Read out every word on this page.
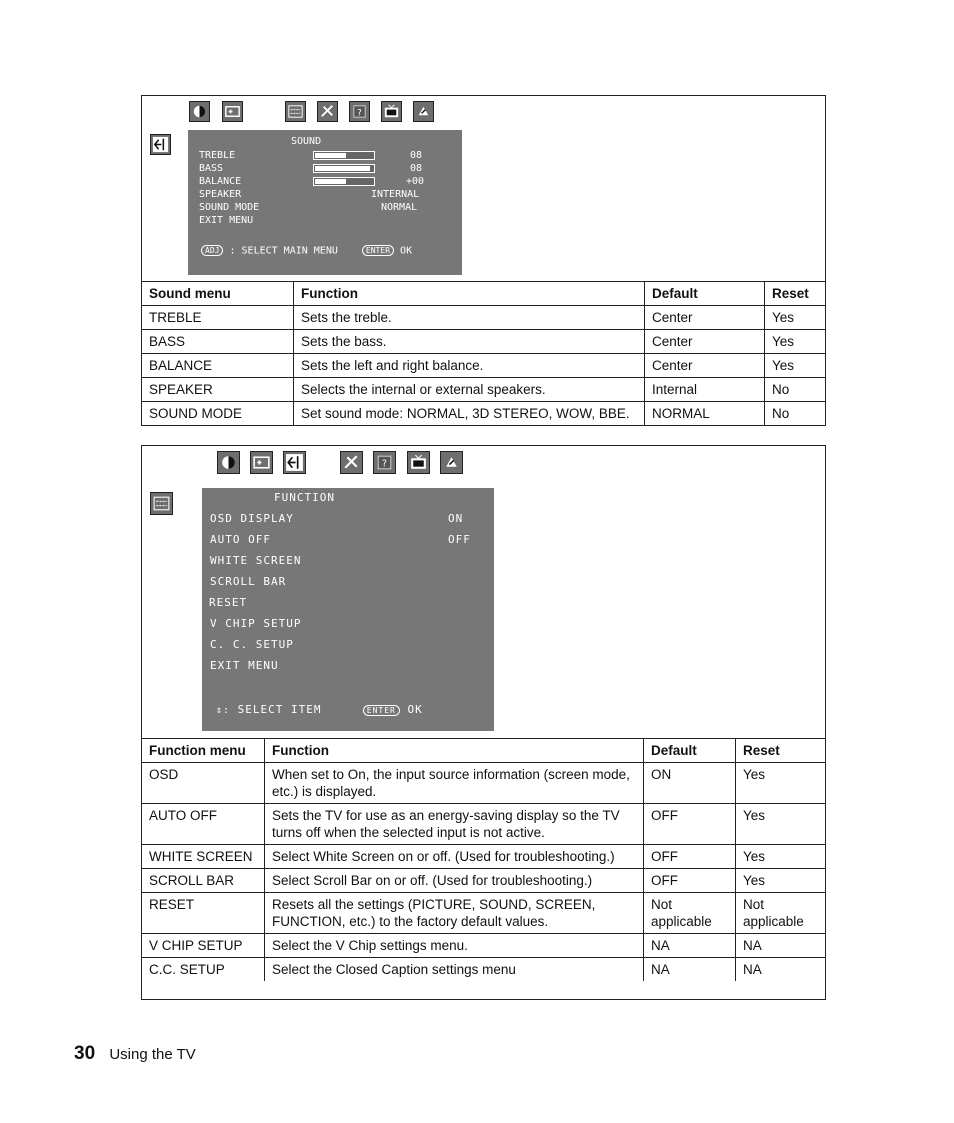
?
SOUND
TREBLE	08
BASS	08
BALANCE	+00
SPEAKER	INTERNAL
SOUND MODE	NORMAL
EXIT MENU
ADJ : SELECT MAIN MENU	ENTER OK
Sound menu	Function	Default	Reset
TREBLE	Sets the treble.	Center	Yes
BASS	Sets the bass.	Center	Yes
BALANCE	Sets the left and right balance.	Center	Yes
SPEAKER	Selects the internal or external speakers.	Internal	No
SOUND MODE	Set sound mode: NORMAL, 3D STEREO, WOW, BBE.	NORMAL	No
?
FUNCTION
OSD DISPLAY	ON
AUTO OFF	OFF
WHITE SCREEN
SCROLL BAR
RESET
V CHIP SETUP
C. C. SETUP
EXIT MENU
⇕: SELECT ITEM	ENTER OK
Function menu	Function	Default	Reset
OSD	When set to On, the input source information (screen mode, etc.) is displayed.	ON	Yes
AUTO OFF	Sets the TV for use as an energy-saving display so the TV turns off when the selected input is not active.	OFF	Yes
WHITE SCREEN	Select White Screen on or off. (Used for troubleshooting.)	OFF	Yes
SCROLL BAR	Select Scroll Bar on or off. (Used for troubleshooting.)	OFF	Yes
RESET	Resets all the settings (PICTURE, SOUND, SCREEN, FUNCTION, etc.) to the factory default values.	Not applicable	Not applicable
V CHIP SETUP	Select the V Chip settings menu.	NA	NA
C.C. SETUP	Select the Closed Caption settings menu	NA	NA
30 Using the TV
